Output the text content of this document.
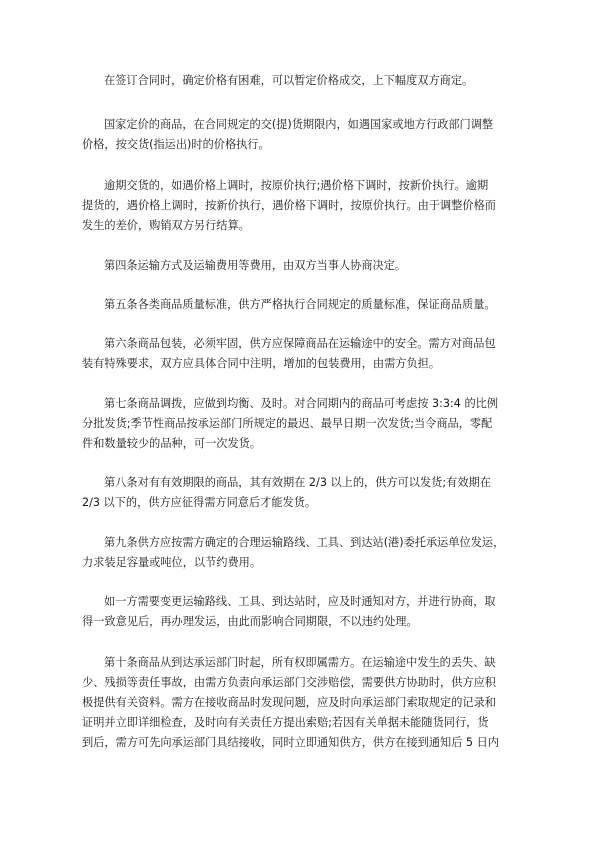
在签订合同时，确定价格有困难，可以暂定价格成交，上下幅度双方商定。

国家定价的商品，在合同规定的交(提)货期限内，如遇国家或地方行政部门调整
价格，按交货(指运出)时的价格执行。

逾期交货的，如遇价格上调时，按原价执行;遇价格下调时，按新价执行。逾期
提货的，遇价格上调时，按新价执行，遇价格下调时，按原价执行。由于调整价格而
发生的差价，购销双方另行结算。

第四条运输方式及运输费用等费用，由双方当事人协商决定。

第五条各类商品质量标准，供方严格执行合同规定的质量标准，保证商品质量。

第六条商品包装，必须牢固，供方应保障商品在运输途中的安全。需方对商品包
装有特殊要求，双方应具体合同中注明，增加的包装费用，由需方负担。

第七条商品调拨，应做到均衡、及时。对合同期内的商品可考虑按 3:3:4 的比例
分批发货;季节性商品按承运部门所规定的最迟、最早日期一次发货;当令商品，零配
件和数量较少的品种，可一次发货。

第八条对有有效期限的商品，其有效期在 2/3 以上的，供方可以发货;有效期在
2/3 以下的，供方应征得需方同意后才能发货。

第九条供方应按需方确定的合理运输路线、工具、到达站(港)委托承运单位发运，
力求装足容量或吨位，以节约费用。

如一方需要变更运输路线、工具、到达站时，应及时通知对方，并进行协商，取
得一致意见后，再办理发运，由此而影响合同期限，不以违约处理。

第十条商品从到达承运部门时起，所有权即属需方。在运输途中发生的丢失、缺
少、残损等责任事故，由需方负责向承运部门交涉赔偿，需要供方协助时，供方应积
极提供有关资料。需方在接收商品时发现问题，应及时向承运部门索取规定的记录和
证明并立即详细检查，及时向有关责任方提出索赔;若因有关单据未能随货同行，货
到后，需方可先向承运部门具结接收，同时立即通知供方，供方在接到通知后 5 日内
